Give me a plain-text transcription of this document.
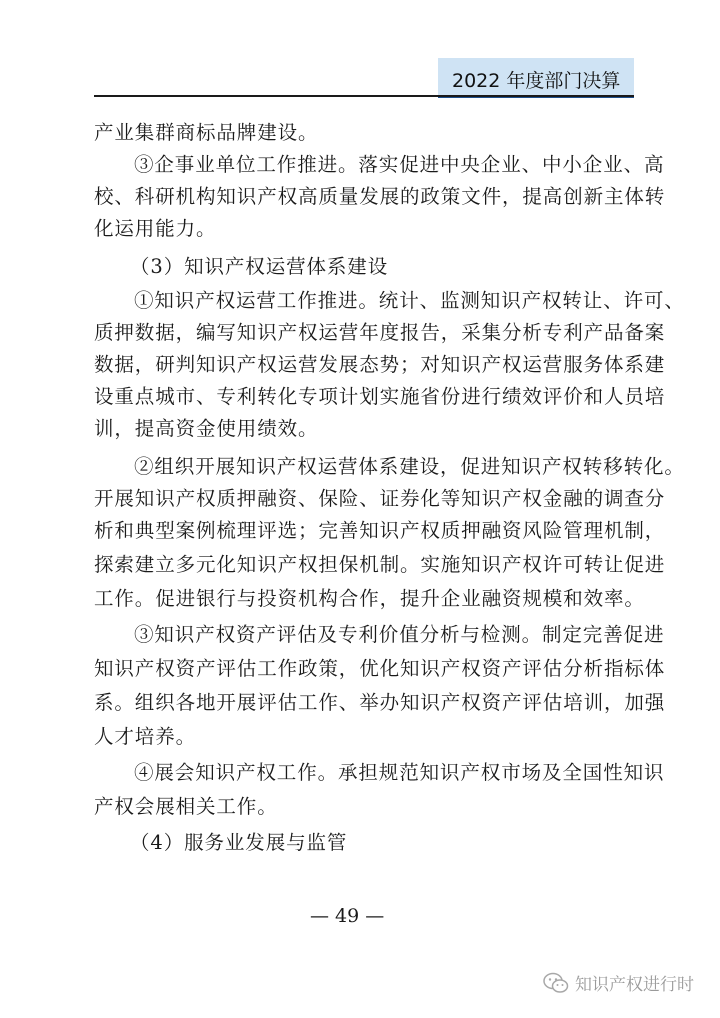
2022 年度部门决算
产业集群商标品牌建设。
③企事业单位工作推进。落实促进中央企业、中小企业、高
校、科研机构知识产权高质量发展的政策文件，提高创新主体转
化运用能力。
（3）知识产权运营体系建设
①知识产权运营工作推进。统计、监测知识产权转让、许可、
质押数据，编写知识产权运营年度报告，采集分析专利产品备案
数据，研判知识产权运营发展态势；对知识产权运营服务体系建
设重点城市、专利转化专项计划实施省份进行绩效评价和人员培
训，提高资金使用绩效。
②组织开展知识产权运营体系建设，促进知识产权转移转化。
开展知识产权质押融资、保险、证券化等知识产权金融的调查分
析和典型案例梳理评选；完善知识产权质押融资风险管理机制，
探索建立多元化知识产权担保机制。实施知识产权许可转让促进
工作。促进银行与投资机构合作，提升企业融资规模和效率。
③知识产权资产评估及专利价值分析与检测。制定完善促进
知识产权资产评估工作政策，优化知识产权资产评估分析指标体
系。组织各地开展评估工作、举办知识产权资产评估培训，加强
人才培养。
④展会知识产权工作。承担规范知识产权市场及全国性知识
产权会展相关工作。
（4）服务业发展与监管
— 49 —
知识产权进行时
